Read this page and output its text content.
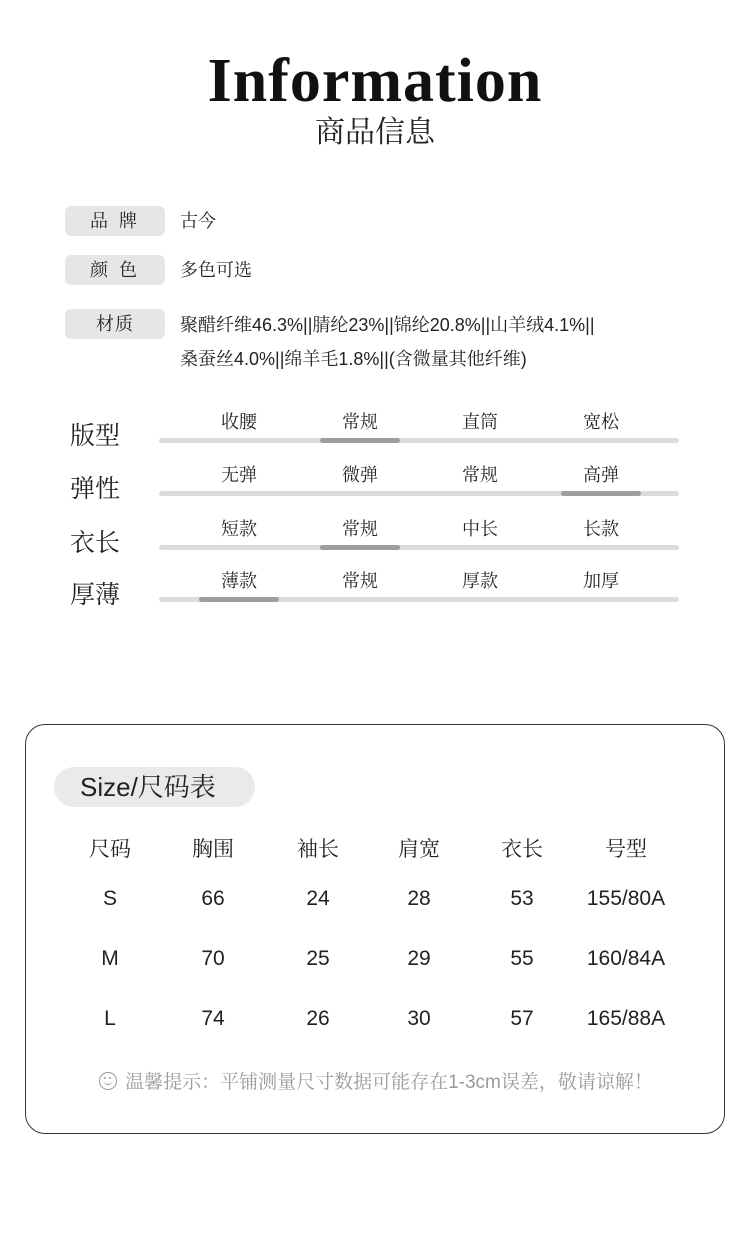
Information
商品信息
品 牌	古今
颜 色	多色可选
材质	聚醋纤维46.3%||腈纶23%||锦纶20.8%||山羊绒4.1%||
桑蚕丝4.0%||绵羊毛1.8%||(含微量其他纤维)
版型	收腰	常规	直筒	宽松
弹性	无弹	微弹	常规	高弹
衣长	短款	常规	中长	长款
厚薄	薄款	常规	厚款	加厚
Size/尺码表
尺码	胸围	袖长	肩宽	衣长	号型
S	66	24	28	53	155/80A
M	70	25	29	55	160/84A
L	74	26	30	57	165/88A
温馨提示：平铺测量尺寸数据可能存在1-3cm误差，敬请谅解！
